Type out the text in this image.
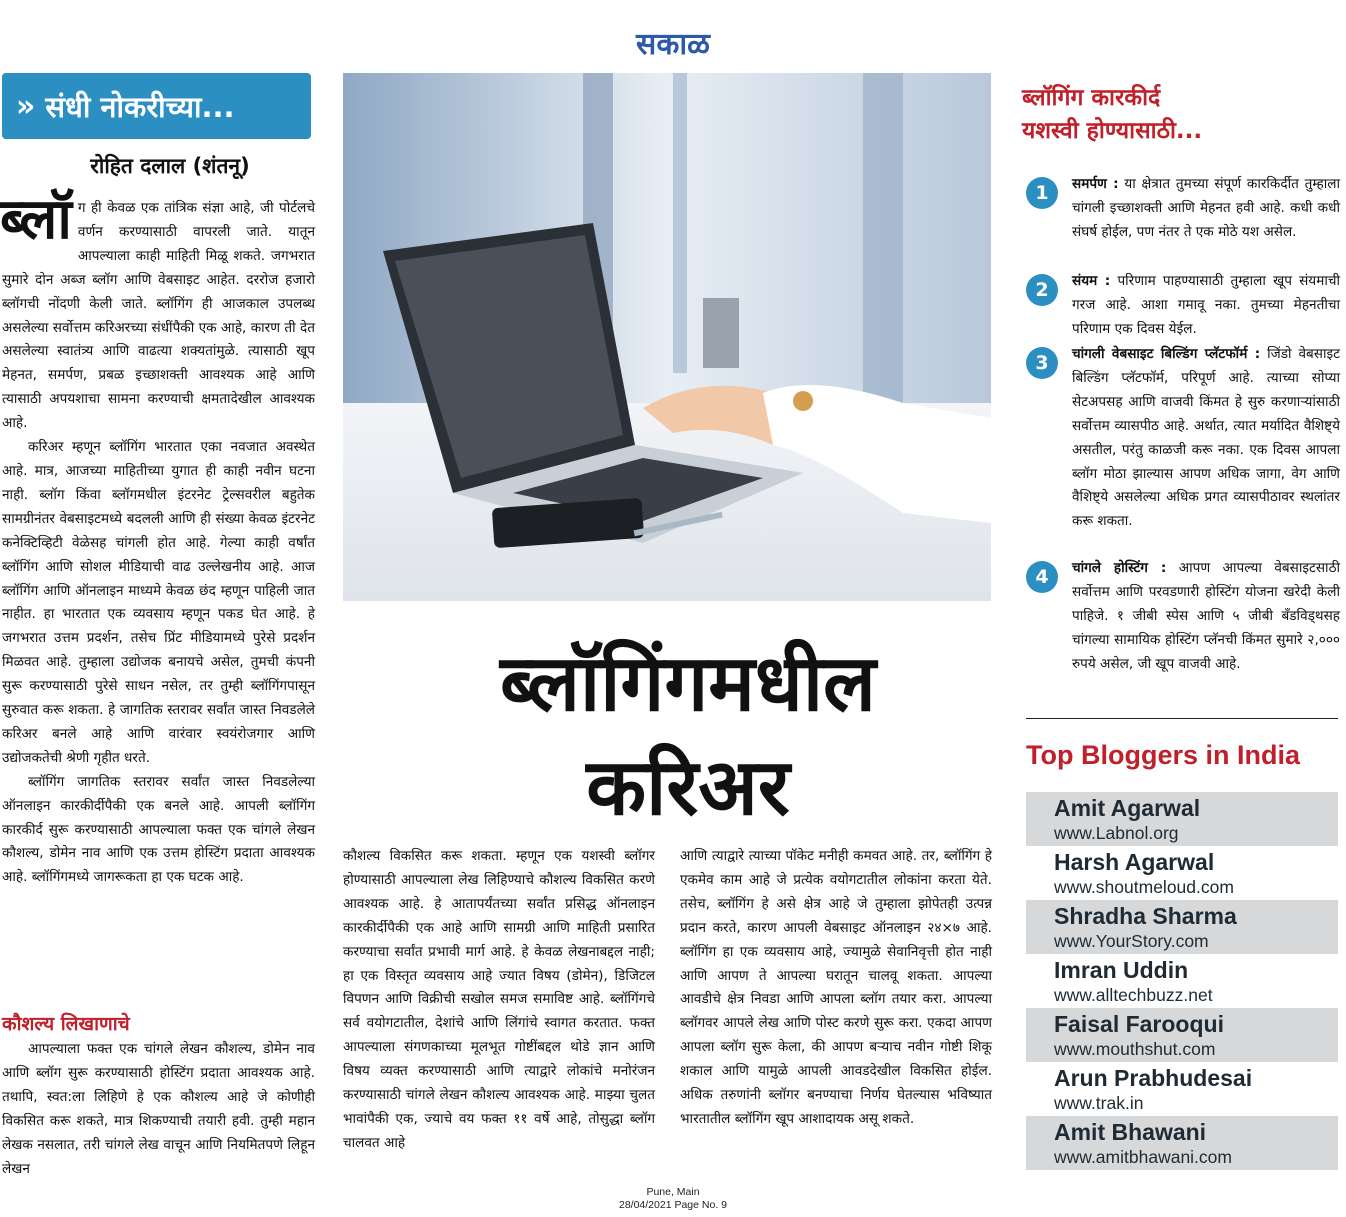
सकाळ
» संधी नोकरीच्या...
रोहित दलाल (शंतनू)

ब्लॉ ग ही केवळ एक तांत्रिक संज्ञा आहे, जी पोर्टलचे वर्णन करण्यासाठी वापरली जाते. यातून आपल्याला काही माहिती मिळू शकते. जगभरात सुमारे दोन अब्ज ब्लॉग आणि वेबसाइट आहेत. दररोज हजारो ब्लॉगची नोंदणी केली जाते. ब्लॉगिंग ही आजकाल उपलब्ध असलेल्या सर्वोत्तम करिअरच्या संधींपैकी एक आहे, कारण ती देत असलेल्या स्वातंत्र्य आणि वाढत्या शक्यतांमुळे. त्यासाठी खूप मेहनत, समर्पण, प्रबळ इच्छाशक्ती आवश्यक आहे आणि त्यासाठी अपयशाचा सामना करण्याची क्षमतादेखील आवश्यक आहे.

करिअर म्हणून ब्लॉगिंग भारतात एका नवजात अवस्थेत आहे. मात्र, आजच्या माहितीच्या युगात ही काही नवीन घटना नाही. ब्लॉग किंवा ब्लॉगमधील इंटरनेट ट्रेल्सवरील बहुतेक सामग्रीनंतर वेबसाइटमध्ये बदलली आणि ही संख्या केवळ इंटरनेट कनेक्टिव्हिटी वेळेसह चांगली होत आहे. गेल्या काही वर्षांत ब्लॉगिंग आणि सोशल मीडियाची वाढ उल्लेखनीय आहे. आज ब्लॉगिंग आणि ऑनलाइन माध्यमे केवळ छंद म्हणून पाहिली जात नाहीत. हा भारतात एक व्यवसाय म्हणून पकड घेत आहे. हे जगभरात उत्तम प्रदर्शन, तसेच प्रिंट मीडियामध्ये पुरेसे प्रदर्शन मिळवत आहे. तुम्हाला उद्योजक बनायचे असेल, तुमची कंपनी सुरू करण्यासाठी पुरेसे साधन नसेल, तर तुम्ही ब्लॉगिंगपासून सुरुवात करू शकता. हे जागतिक स्तरावर सर्वांत जास्त निवडलेले करिअर बनले आहे आणि वारंवार स्वयंरोजगार आणि उद्योजकतेची श्रेणी गृहीत धरते.

ब्लॉगिंग जागतिक स्तरावर सर्वांत जास्त निवडलेल्या ऑनलाइन कारकीर्दीपैकी एक बनले आहे. आपली ब्लॉगिंग कारकीर्द सुरू करण्यासाठी आपल्याला फक्त एक चांगले लेखन कौशल्य, डोमेन नाव आणि एक उत्तम होस्टिंग प्रदाता आवश्यक आहे. ब्लॉगिंगमध्ये जागरूकता हा एक घटक आहे.

कौशल्य लिखाणाचे

आपल्याला फक्त एक चांगले लेखन कौशल्य, डोमेन नाव आणि ब्लॉग सुरू करण्यासाठी होस्टिंग प्रदाता आवश्यक आहे. तथापि, स्वत:ला लिहिणे हे एक कौशल्य आहे जे कोणीही विकसित करू शकते, मात्र शिकण्याची तयारी हवी. तुम्ही महान लेखक नसलात, तरी चांगले लेख वाचून आणि नियमितपणे लिहून लेखन

ब्लॉगिंगमधील
करिअर

कौशल्य विकसित करू शकता. म्हणून एक यशस्वी ब्लॉगर होण्यासाठी आपल्याला लेख लिहिण्याचे कौशल्य विकसित करणे आवश्यक आहे. हे आतापर्यंतच्या सर्वांत प्रसिद्ध ऑनलाइन कारकीर्दीपैकी एक आहे आणि सामग्री आणि माहिती प्रसारित करण्याचा सर्वांत प्रभावी मार्ग आहे. हे केवळ लेखनाबद्दल नाही; हा एक विस्तृत व्यवसाय आहे ज्यात विषय (डोमेन), डिजिटल विपणन आणि विक्रीची सखोल समज समाविष्ट आहे. ब्लॉगिंगचे सर्व वयोगटातील, देशांचे आणि लिंगांचे स्वागत करतात. फक्त आपल्याला संगणकाच्या मूलभूत गोष्टींबद्दल थोडे ज्ञान आणि विषय व्यक्त करण्यासाठी आणि त्याद्वारे लोकांचे मनोरंजन करण्यासाठी चांगले लेखन कौशल्य आवश्यक आहे. माझ्या चुलत भावांपैकी एक, ज्याचे वय फक्त ११ वर्षे आहे, तोसुद्धा ब्लॉग चालवत आहे

आणि त्याद्वारे त्याच्या पॉकेट मनीही कमवत आहे. तर, ब्लॉगिंग हे एकमेव काम आहे जे प्रत्येक वयोगटातील लोकांना करता येते. तसेच, ब्लॉगिंग हे असे क्षेत्र आहे जे तुम्हाला झोपेतही उत्पन्न प्रदान करते, कारण आपली वेबसाइट ऑनलाइन २४×७ आहे. ब्लॉगिंग हा एक व्यवसाय आहे, ज्यामुळे सेवानिवृत्ती होत नाही आणि आपण ते आपल्या घरातून चालवू शकता. आपल्या आवडीचे क्षेत्र निवडा आणि आपला ब्लॉग तयार करा. आपल्या ब्लॉगवर आपले लेख आणि पोस्ट करणे सुरू करा. एकदा आपण आपला ब्लॉग सुरू केला, की आपण बऱ्याच नवीन गोष्टी शिकू शकाल आणि यामुळे आपली आवडदेखील विकसित होईल. अधिक तरुणांनी ब्लॉगर बनण्याचा निर्णय घेतल्यास भविष्यात भारतातील ब्लॉगिंग खूप आशादायक असू शकते.

ब्लॉगिंग कारकीर्द
यशस्वी होण्यासाठी...
1	समर्पण : या क्षेत्रात तुमच्या संपूर्ण कारकिर्दीत तुम्हाला चांगली इच्छाशक्ती आणि मेहनत हवी आहे. कधी कधी संघर्ष होईल, पण नंतर ते एक मोठे यश असेल.
2	संयम : परिणाम पाहण्यासाठी तुम्हाला खूप संयमाची गरज आहे. आशा गमावू नका. तुमच्या मेहनतीचा परिणाम एक दिवस येईल.
3	चांगली वेबसाइट बिल्डिंग प्लॅटफॉर्म : जिंडो वेबसाइट बिल्डिंग प्लॅटफॉर्म, परिपूर्ण आहे. त्याच्या सोप्या सेटअपसह आणि वाजवी किंमत हे सुरु करणाऱ्यांसाठी सर्वोत्तम व्यासपीठ आहे. अर्थात, त्यात मर्यादित वैशिष्ट्ये असतील, परंतु काळजी करू नका. एक दिवस आपला ब्लॉग मोठा झाल्यास आपण अधिक जागा, वेग आणि वैशिष्ट्ये असलेल्या अधिक प्रगत व्यासपीठावर स्थलांतर करू शकता.
4	चांगले होस्टिंग : आपण आपल्या वेबसाइटसाठी सर्वोत्तम आणि परवडणारी होस्टिंग योजना खरेदी केली पाहिजे. १ जीबी स्पेस आणि ५ जीबी बँडविड्थसह चांगल्या सामायिक होस्टिंग प्लॅनची किंमत सुमारे २,००० रुपये असेल, जी खूप वाजवी आहे.
Top Bloggers in India
Amit Agarwal
www.Labnol.org
Harsh Agarwal
www.shoutmeloud.com
Shradha Sharma
www.YourStory.com
Imran Uddin
www.alltechbuzz.net
Faisal Farooqui
www.mouthshut.com
Arun Prabhudesai
www.trak.in
Amit Bhawani
www.amitbhawani.com
Pune, Main
28/04/2021 Page No. 9
